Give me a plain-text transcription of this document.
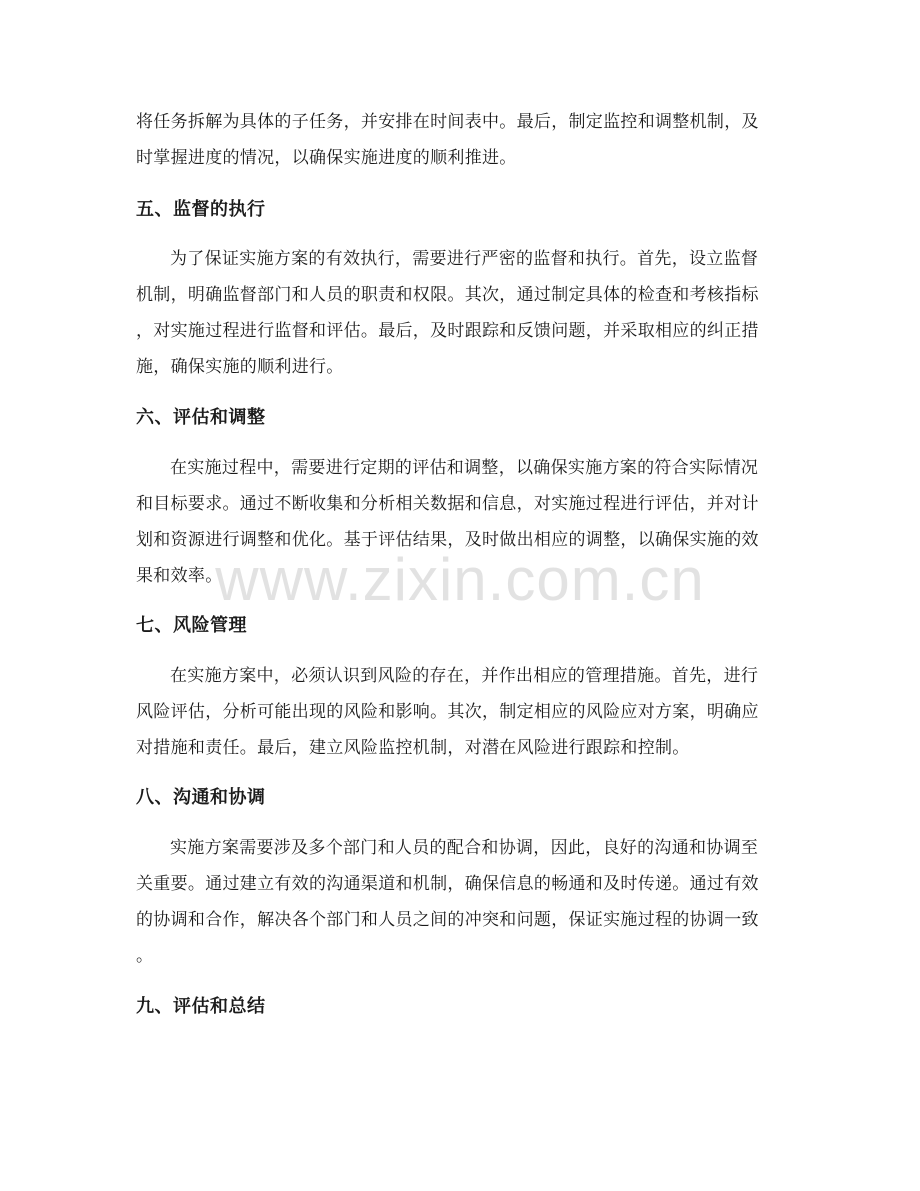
将任务拆解为具体的子任务，并安排在时间表中。最后，制定监控和调整机制，及
时掌握进度的情况，以确保实施进度的顺利推进。
五、监督的执行
为了保证实施方案的有效执行，需要进行严密的监督和执行。首先，设立监督
机制，明确监督部门和人员的职责和权限。其次，通过制定具体的检查和考核指标
，对实施过程进行监督和评估。最后，及时跟踪和反馈问题，并采取相应的纠正措
施，确保实施的顺利进行。
六、评估和调整
在实施过程中，需要进行定期的评估和调整，以确保实施方案的符合实际情况
和目标要求。通过不断收集和分析相关数据和信息，对实施过程进行评估，并对计
划和资源进行调整和优化。基于评估结果，及时做出相应的调整，以确保实施的效
果和效率。
www.zixin.com.cn
七、风险管理
在实施方案中，必须认识到风险的存在，并作出相应的管理措施。首先，进行
风险评估，分析可能出现的风险和影响。其次，制定相应的风险应对方案，明确应
对措施和责任。最后，建立风险监控机制，对潜在风险进行跟踪和控制。
八、沟通和协调
实施方案需要涉及多个部门和人员的配合和协调，因此，良好的沟通和协调至
关重要。通过建立有效的沟通渠道和机制，确保信息的畅通和及时传递。通过有效
的协调和合作，解决各个部门和人员之间的冲突和问题，保证实施过程的协调一致
。
九、评估和总结
